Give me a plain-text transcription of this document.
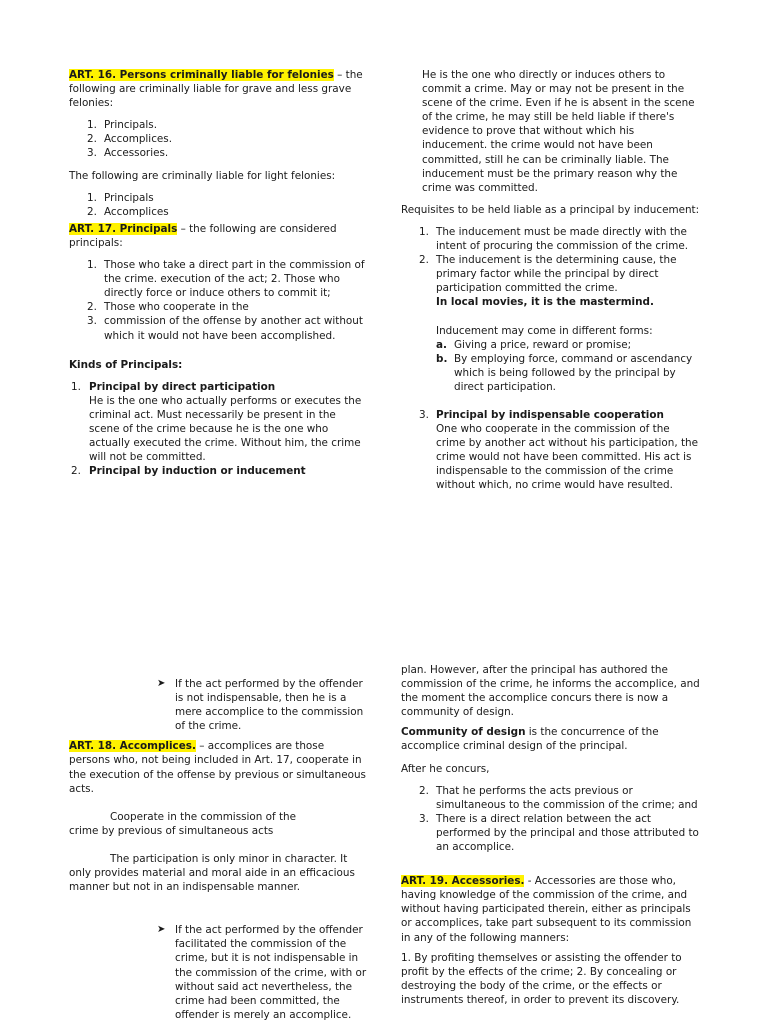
ART. 16. Persons criminally liable for felonies – the following are criminally liable for grave and less grave felonies:

1. Principals.
2. Accomplices.
3. Accessories.

The following are criminally liable for light felonies:

1. Principals
2. Accomplices

ART. 17. Principals – the following are considered principals:

1. Those who take a direct part in the commission of the crime. execution of the act; 2. Those who directly force or induce others to commit it;
2. Those who cooperate in the
3. commission of the offense by another act without which it would not have been accomplished.

Kinds of Principals:

1. Principal by direct participation
He is the one who actually performs or executes the criminal act. Must necessarily be present in the scene of the crime because he is the one who actually executed the crime. Without him, the crime will not be committed.
2. Principal by induction or inducement

He is the one who directly or induces others to commit a crime. May or may not be present in the scene of the crime. Even if he is absent in the scene of the crime, he may still be held liable if there's evidence to prove that without which his inducement. the crime would not have been committed, still he can be criminally liable. The inducement must be the primary reason why the crime was committed.

Requisites to be held liable as a principal by inducement:

1. The inducement must be made directly with the intent of procuring the commission of the crime.
2. The inducement is the determining cause, the primary factor while the principal by direct participation committed the crime.
In local movies, it is the mastermind.

Inducement may come in different forms:

a. Giving a price, reward or promise;
b. By employing force, command or ascendancy which is being followed by the principal by direct participation.
3. Principal by indispensable cooperation
One who cooperate in the commission of the crime by another act without his participation, the crime would not have been committed. His act is indispensable to the commission of the crime without which, no crime would have resulted.
➤ If the act performed by the offender is not indispensable, then he is a mere accomplice to the commission of the crime.

ART. 18. Accomplices. – accomplices are those persons who, not being included in Art. 17, cooperate in the execution of the offense by previous or simultaneous acts.

Cooperate in the commission of the

crime by previous of simultaneous acts

The participation is only minor in character. It only provides material and moral aide in an efficacious manner but not in an indispensable manner.

➤ If the act performed by the offender facilitated the commission of the crime, but it is not indispensable in the commission of the crime, with or without said act nevertheless, the crime had been committed, the offender is merely an accomplice.

plan. However, after the principal has authored the commission of the crime, he informs the accomplice, and the moment the accomplice concurs there is now a community of design.

Community of design is the concurrence of the accomplice criminal design of the principal.

After he concurs,

2. That he performs the acts previous or simultaneous to the commission of the crime; and
3. There is a direct relation between the act performed by the principal and those attributed to an accomplice.

ART. 19. Accessories. - Accessories are those who, having knowledge of the commission of the crime, and without having participated therein, either as principals or accomplices, take part subsequent to its commission in any of the following manners:

1. By profiting themselves or assisting the offender to profit by the effects of the crime; 2. By concealing or destroying the body of the crime, or the effects or instruments thereof, in order to prevent its discovery.
